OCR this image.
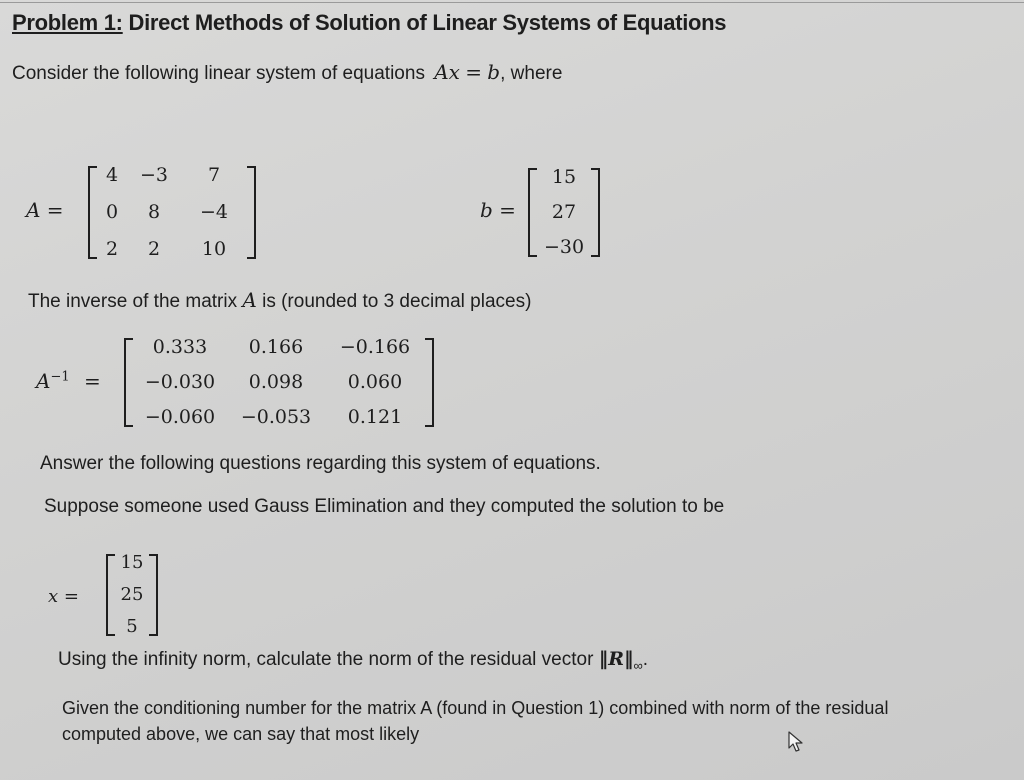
Problem 1: Direct Methods of Solution of Linear Systems of Equations
Consider the following linear system of equations Ax = b, where
A =
4	−3	7
0	8	−4
2	2	10
b =
15
27
−30
The inverse of the matrix A is (rounded to 3 decimal places)
$A^{-1}$ =
0.333	0.166	−0.166
−0.030	0.098	0.060
−0.060	−0.053	0.121
Answer the following questions regarding this system of equations.
Suppose someone used Gauss Elimination and they computed the solution to be
x =
15
25
5
Using the infinity norm, calculate the norm of the residual vector $‖R‖_\infty$.
Given the conditioning number for the matrix A (found in Question 1) combined with norm of the residual
computed above, we can say that most likely
